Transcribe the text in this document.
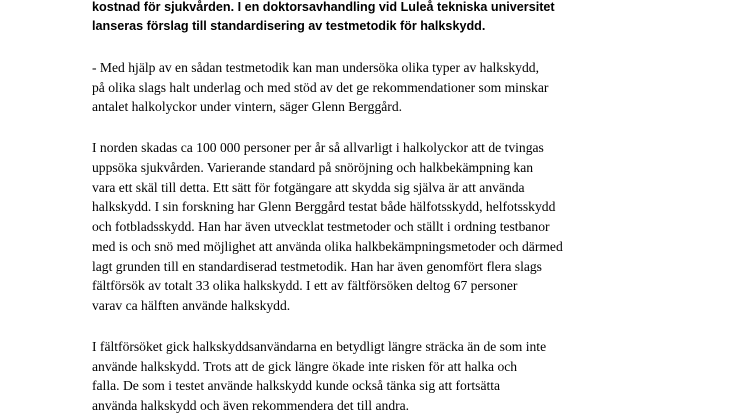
kostnad för sjukvården. I en doktorsavhandling vid Luleå tekniska universitet

lanseras förslag till standardisering av testmetodik för halkskydd.

- Med hjälp av en sådan testmetodik kan man undersöka olika typer av halkskydd,

på olika slags halt underlag och med stöd av det ge rekommendationer som minskar

antalet halkolyckor under vintern, säger Glenn Berggård.

I norden skadas ca 100 000 personer per år så allvarligt i halkolyckor att de tvingas

uppsöka sjukvården. Varierande standard på snöröjning och halkbekämpning kan

vara ett skäl till detta. Ett sätt för fotgängare att skydda sig själva är att använda

halkskydd. I sin forskning har Glenn Berggård testat både hälfotsskydd, helfotsskydd

och fotbladsskydd. Han har även utvecklat testmetoder och ställt i ordning testbanor

med is och snö med möjlighet att använda olika halkbekämpningsmetoder och därmed

lagt grunden till en standardiserad testmetodik. Han har även genomfört flera slags

fältförsök av totalt 33 olika halkskydd. I ett av fältförsöken deltog 67 personer

varav ca hälften använde halkskydd.

I fältförsöket gick halkskyddsanvändarna en betydligt längre sträcka än de som inte

använde halkskydd. Trots att de gick längre ökade inte risken för att halka och

falla. De som i testet använde halkskydd kunde också tänka sig att fortsätta

använda halkskydd och även rekommendera det till andra.
